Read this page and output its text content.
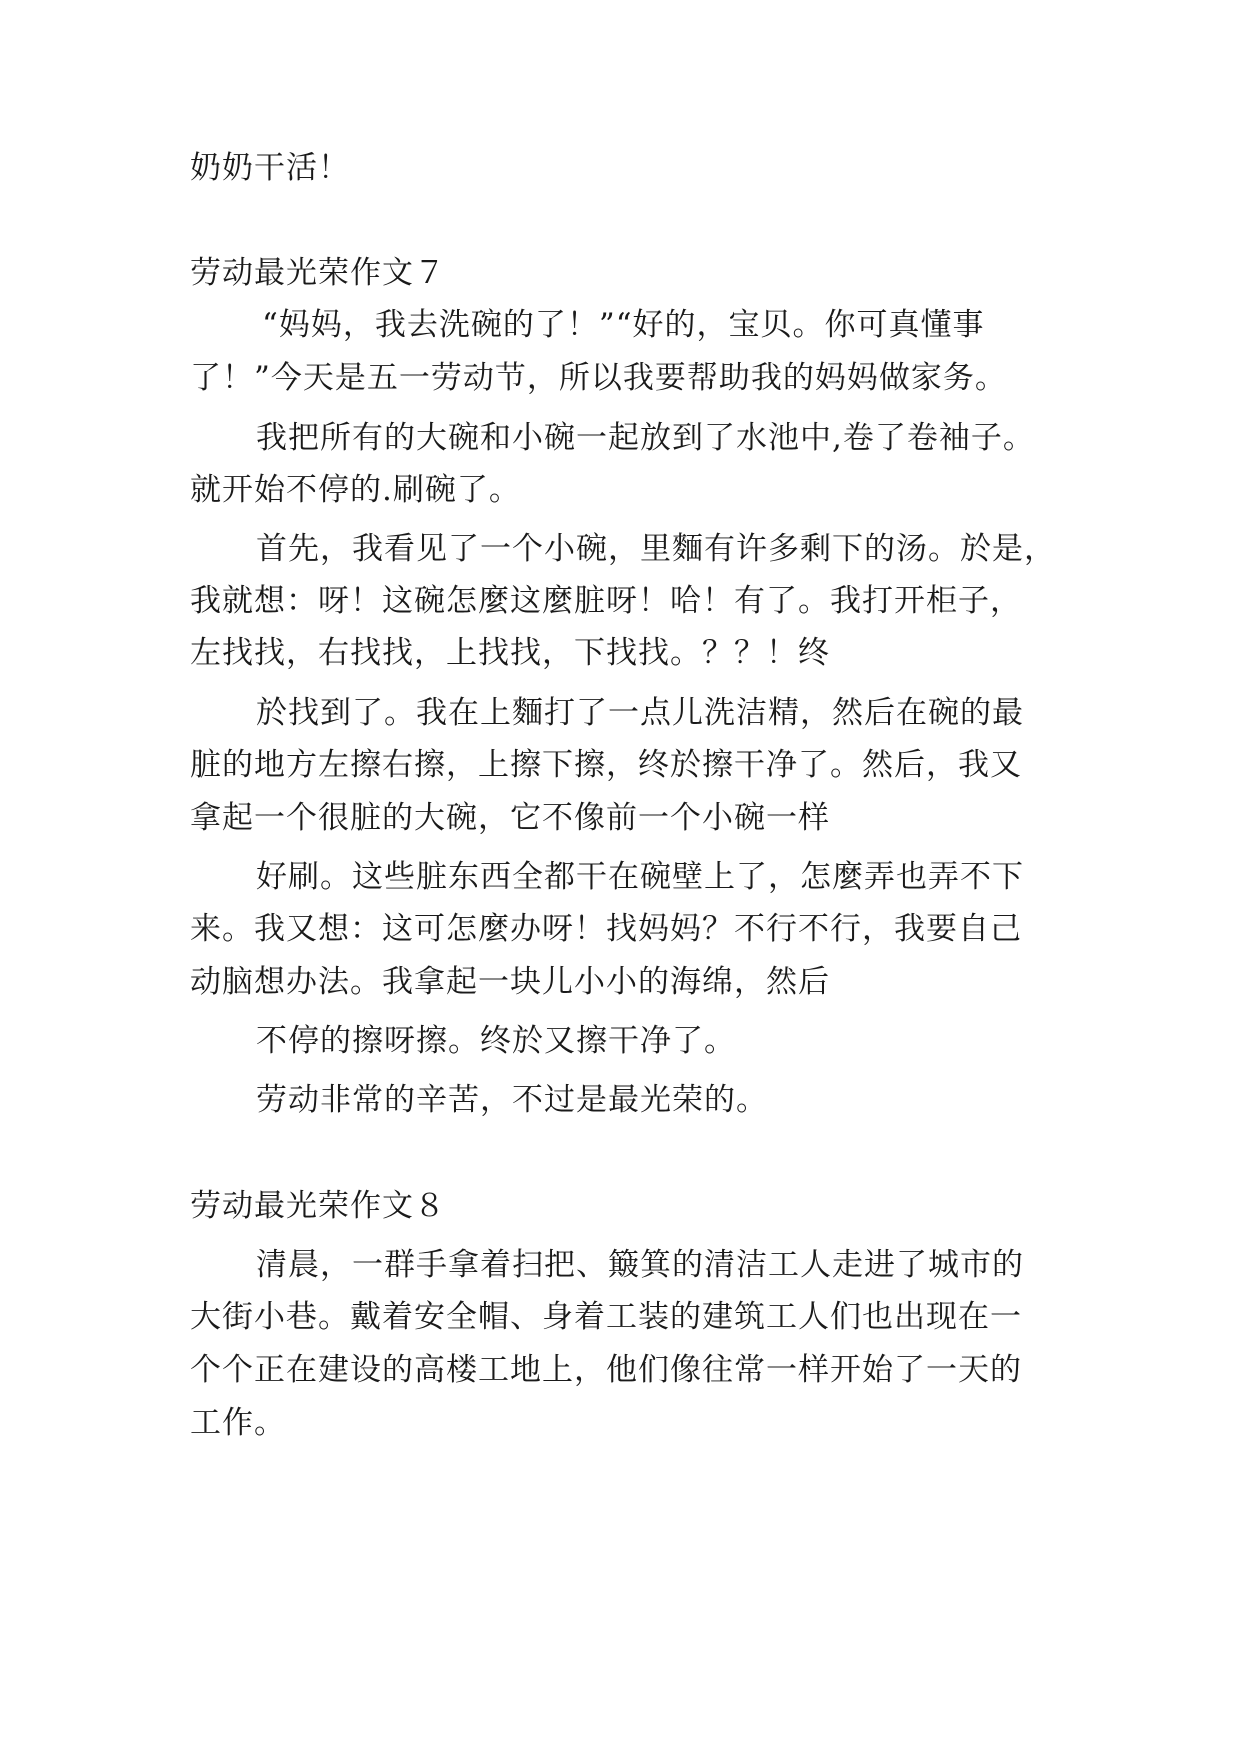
奶奶干活！
劳动最光荣作文７
“妈妈，我去洗碗的了！”“好的，宝贝。你可真懂事
了！”今天是五一劳动节，所以我要帮助我的妈妈做家务。
我把所有的大碗和小碗一起放到了水池中,卷了卷袖子。
就开始不停的.刷碗了。
首先，我看见了一个小碗，里麵有许多剩下的汤。於是，
我就想：呀！这碗怎麼这麼脏呀！哈！有了。我打开柜子，
左找找，右找找，上找找，下找找。？？！终
於找到了。我在上麵打了一点儿洗洁精，然后在碗的最
脏的地方左擦右擦，上擦下擦，终於擦干净了。然后，我又
拿起一个很脏的大碗，它不像前一个小碗一样
好刷。这些脏东西全都干在碗壁上了，怎麼弄也弄不下
来。我又想：这可怎麼办呀！找妈妈？不行不行，我要自己
动脑想办法。我拿起一块儿小小的海绵，然后
不停的擦呀擦。终於又擦干净了。
劳动非常的辛苦，不过是最光荣的。
劳动最光荣作文８
清晨，一群手拿着扫把、簸箕的清洁工人走进了城市的
大街小巷。戴着安全帽、身着工装的建筑工人们也出现在一
个个正在建设的高楼工地上，他们像往常一样开始了一天的
工作。
